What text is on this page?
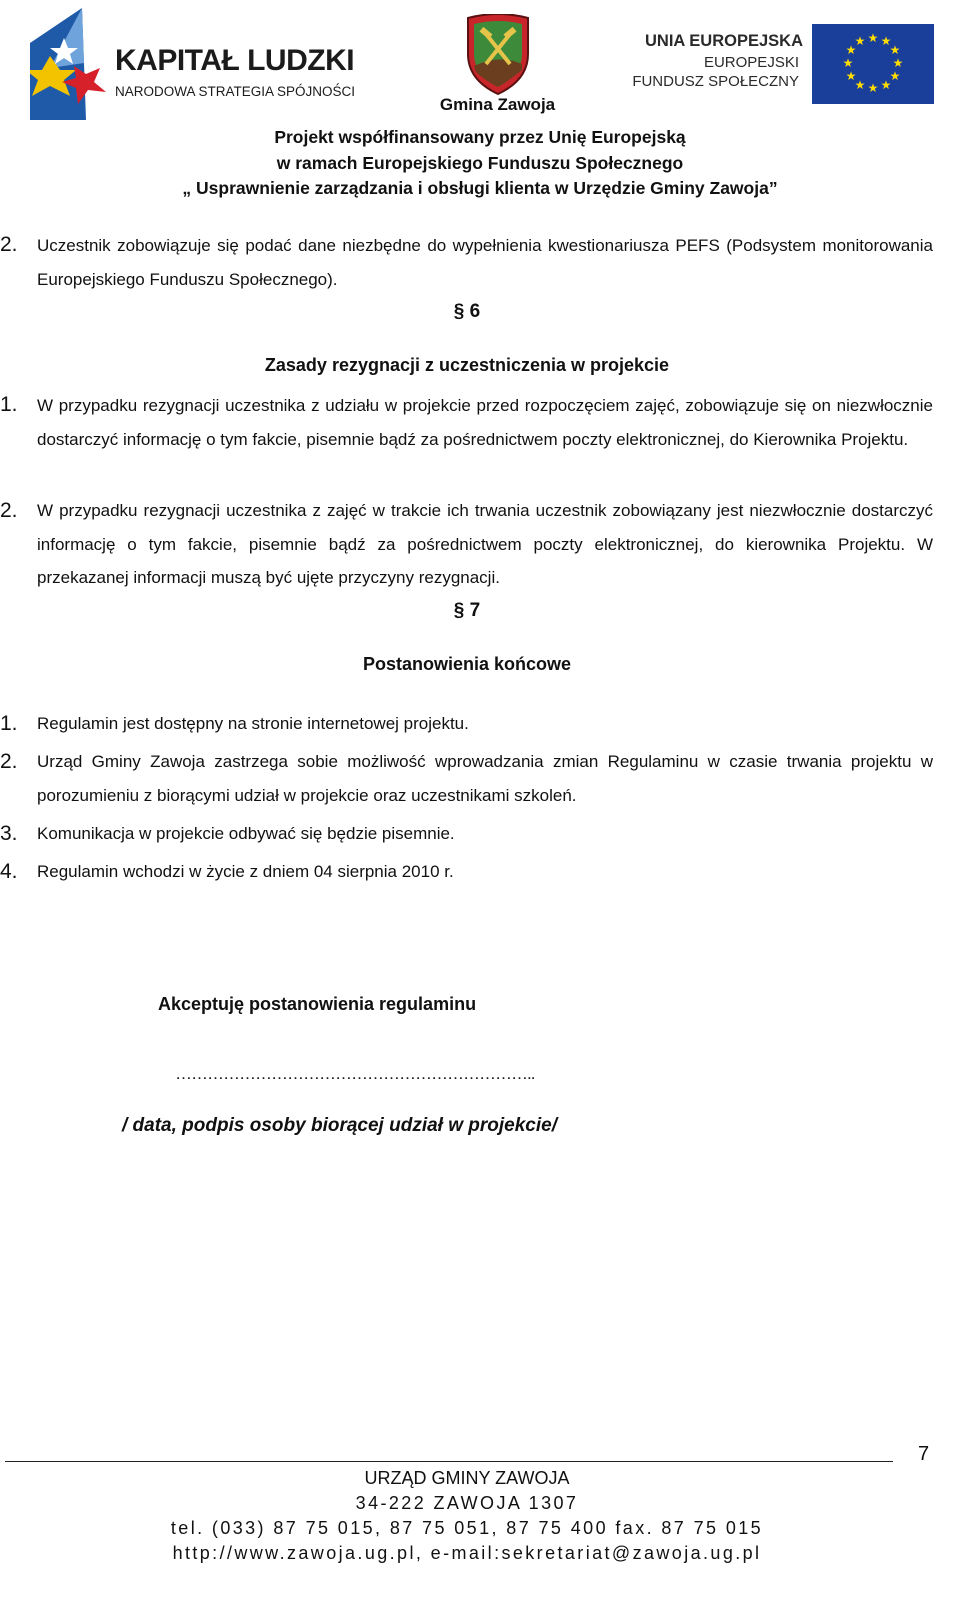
KAPITAŁ LUDZKI
NARODOWA STRATEGIA SPÓJNOŚCI
Gmina Zawoja
UNIA EUROPEJSKA
EUROPEJSKI
FUNDUSZ SPOŁECZNY
★ ★
★
★
★
★
★
★
★
★
★
★
Projekt współfinansowany przez Unię Europejską
w ramach Europejskiego Funduszu Społecznego
„ Usprawnienie zarządzania i obsługi klienta w Urzędzie Gminy Zawoja”
2. Uczestnik zobowiązuje się podać dane niezbędne do wypełnienia kwestionariusza PEFS (Podsystem monitorowania Europejskiego Funduszu Społecznego).
§ 6
Zasady rezygnacji z uczestniczenia w projekcie
1. W przypadku rezygnacji uczestnika z udziału w projekcie przed rozpoczęciem zajęć, zobowiązuje się on niezwłocznie dostarczyć informację o tym fakcie, pisemnie bądź za pośrednictwem poczty elektronicznej, do Kierownika Projektu.
2. W przypadku rezygnacji uczestnika z zajęć w trakcie ich trwania uczestnik zobowiązany jest niezwłocznie dostarczyć informację o tym fakcie, pisemnie bądź za pośrednictwem poczty elektronicznej, do kierownika Projektu. W przekazanej informacji muszą być ujęte przyczyny rezygnacji.
§ 7
Postanowienia końcowe
1. Regulamin jest dostępny na stronie internetowej projektu.
2. Urząd Gminy Zawoja zastrzega sobie możliwość wprowadzania zmian Regulaminu w czasie trwania projektu w porozumieniu z biorącymi udział w projekcie oraz uczestnikami szkoleń.
3. Komunikacja w projekcie odbywać się będzie pisemnie.
4. Regulamin wchodzi w życie z dniem 04 sierpnia 2010 r.
Akceptuję postanowienia regulaminu
…………………………………………………………..
/ data, podpis osoby biorącej udział w projekcie/
7
URZĄD GMINY ZAWOJA
34-222 ZAWOJA 1307
tel. (033) 87 75 015, 87 75 051, 87 75 400 fax. 87 75 015
http://www.zawoja.ug.pl, e-mail:sekretariat@zawoja.ug.pl
